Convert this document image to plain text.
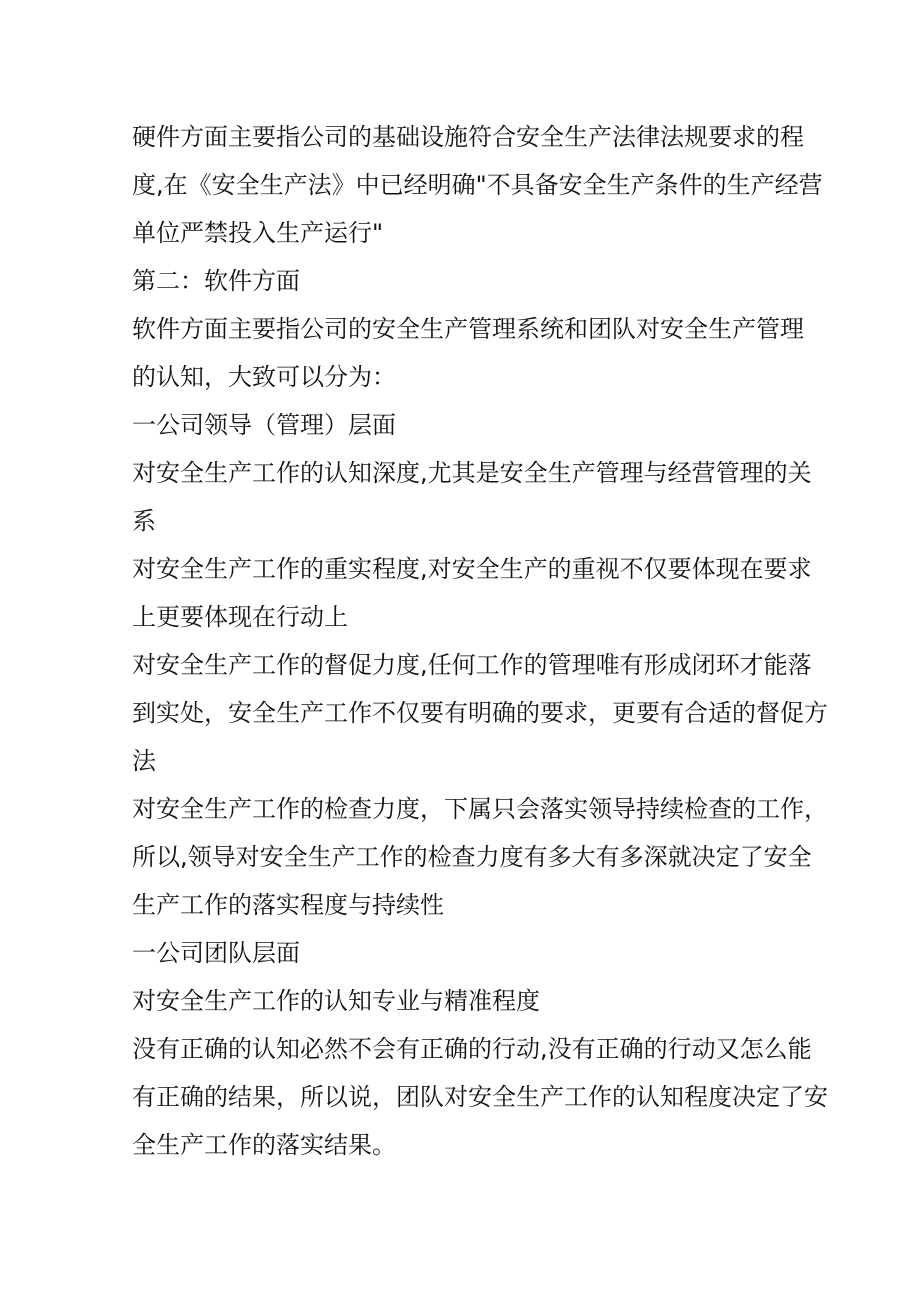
硬件方面主要指公司的基础设施符合安全生产法律法规要求的程
度,在《安全生产法》中已经明确"不具备安全生产条件的生产经营
单位严禁投入生产运行"

第二：软件方面

软件方面主要指公司的安全生产管理系统和团队对安全生产管理
的认知，大致可以分为：

一公司领导（管理）层面

对安全生产工作的认知深度,尤其是安全生产管理与经营管理的关
系

对安全生产工作的重实程度,对安全生产的重视不仅要体现在要求
上更要体现在行动上

对安全生产工作的督促力度,任何工作的管理唯有形成闭环才能落
到实处，安全生产工作不仅要有明确的要求，更要有合适的督促方
法

对安全生产工作的检查力度，下属只会落实领导持续检查的工作，
所以,领导对安全生产工作的检查力度有多大有多深就决定了安全
生产工作的落实程度与持续性

一公司团队层面

对安全生产工作的认知专业与精准程度

没有正确的认知必然不会有正确的行动,没有正确的行动又怎么能
有正确的结果，所以说，团队对安全生产工作的认知程度决定了安
全生产工作的落实结果。
